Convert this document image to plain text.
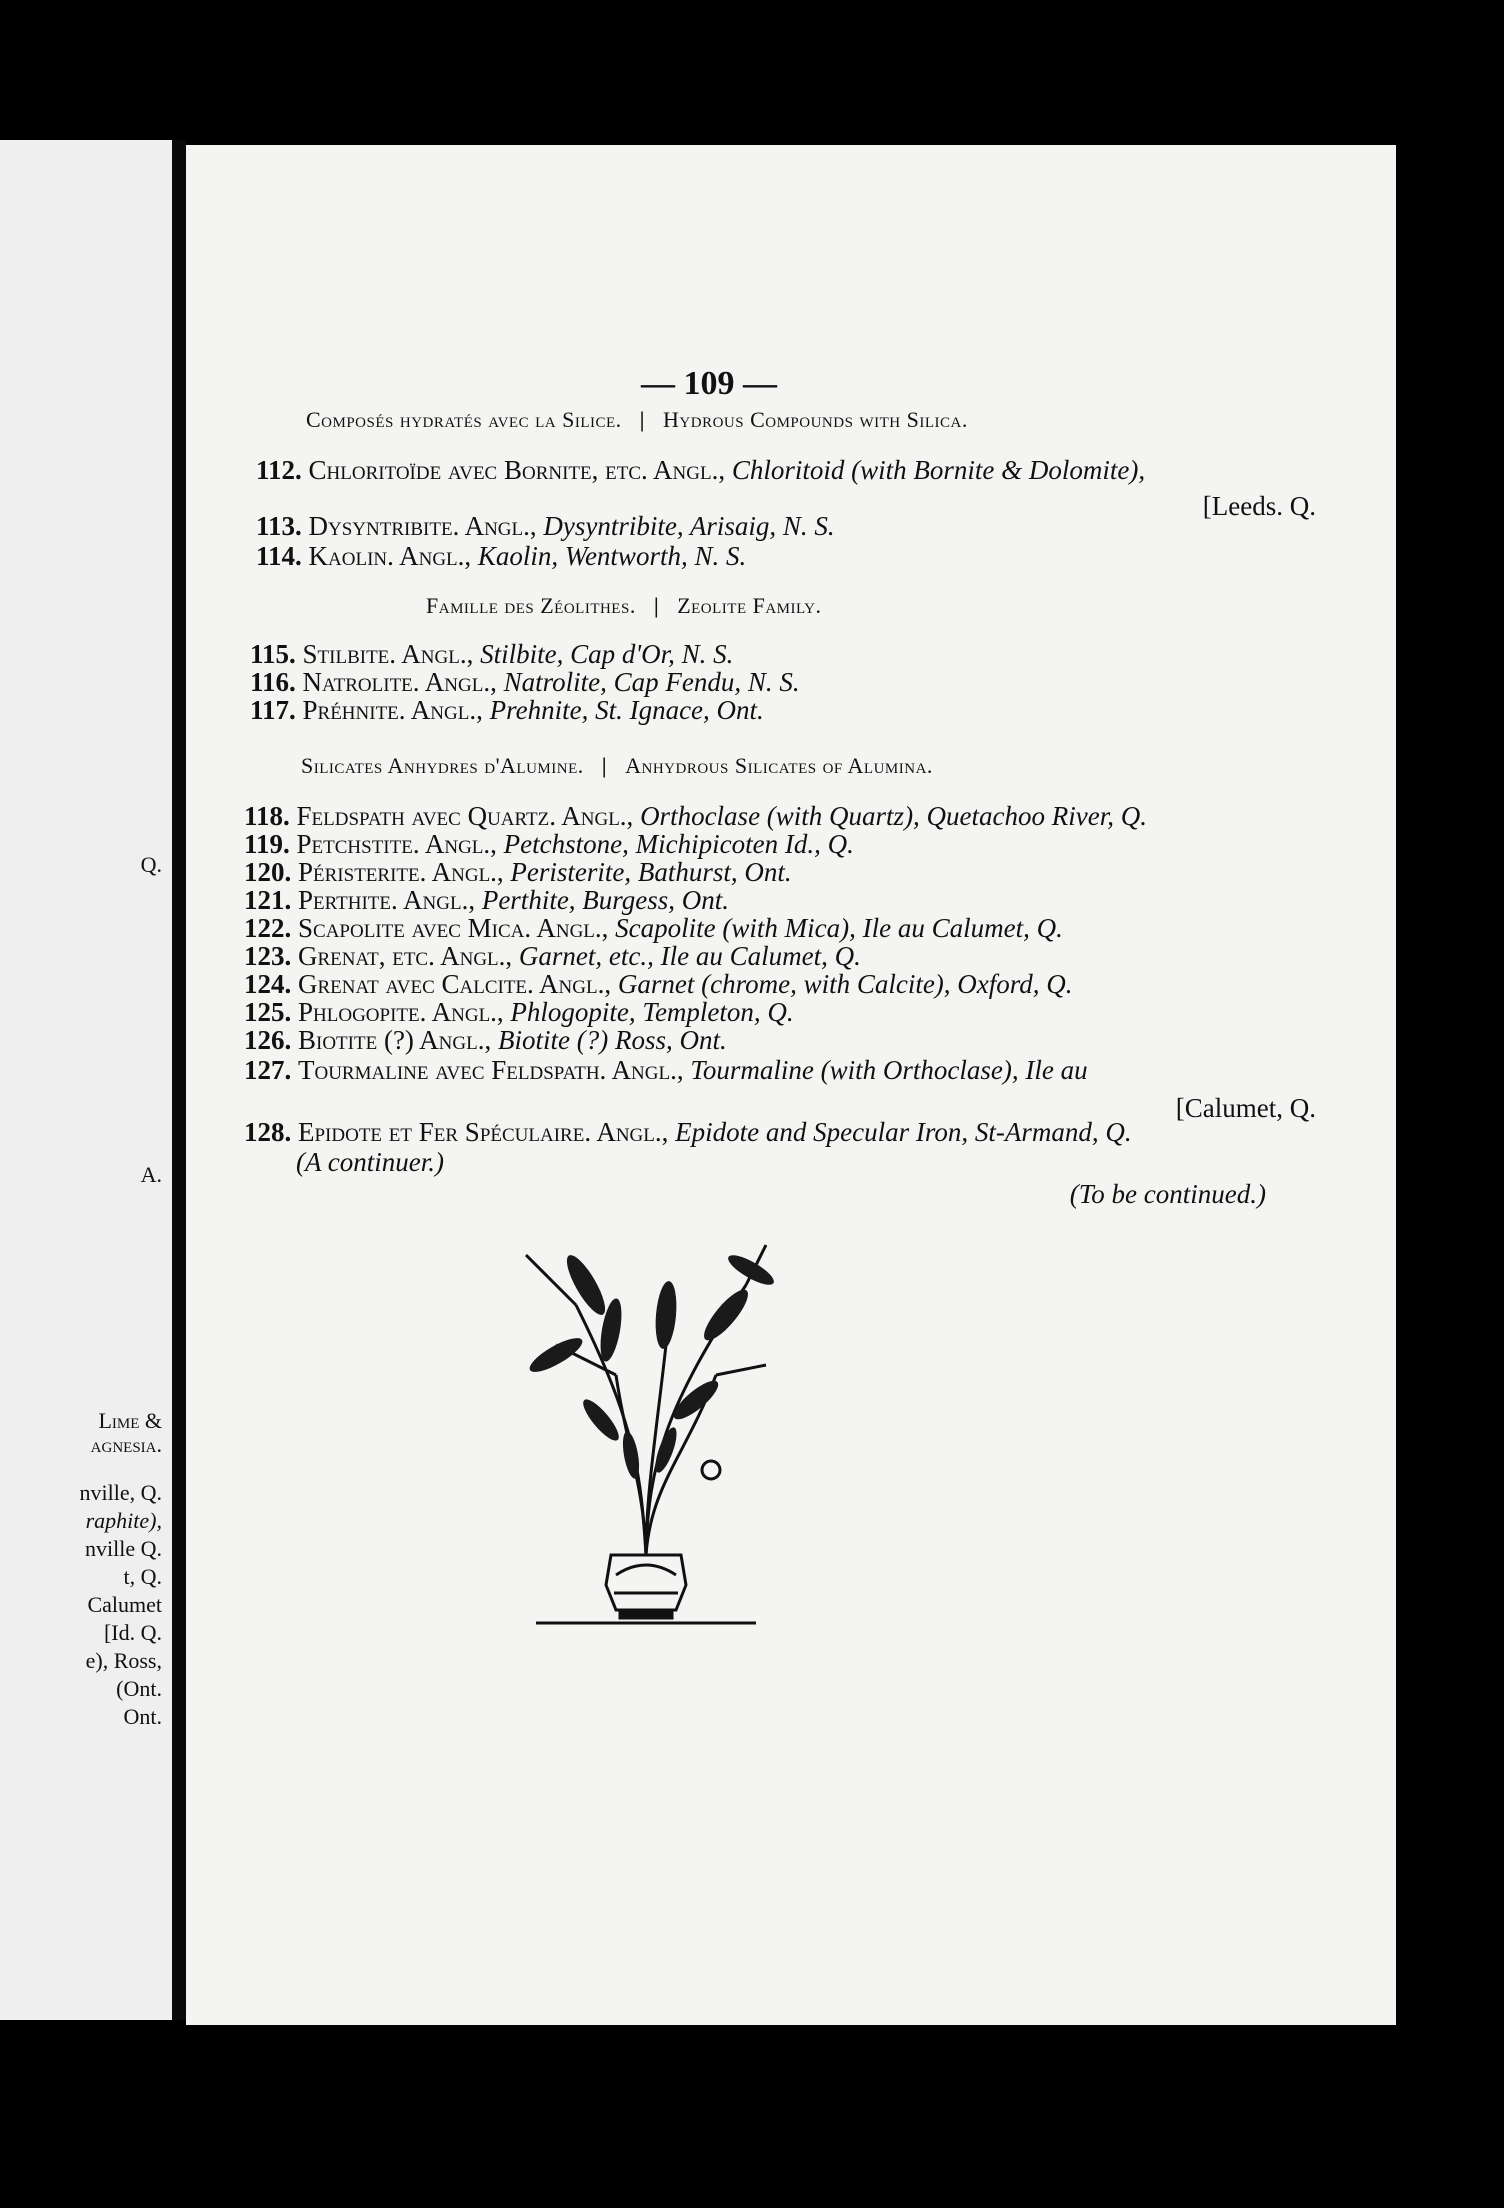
Q.
A.
Lime &
agnesia.
nville, Q.
raphite),
nville Q.
t, Q.
Calumet
[Id. Q.
e), Ross,
(Ont.
Ont.
— 109 —
Composés hydratés avec la Silice. | Hydrous Compounds with Silica.
112. Chloritoïde avec Bornite, etc. Angl., Chloritoid (with Bornite & Dolomite),
[Leeds. Q.
113. Dysyntribite. Angl., Dysyntribite, Arisaig, N. S.
114. Kaolin. Angl., Kaolin, Wentworth, N. S.
Famille des Zéolithes. | Zeolite Family.
115. Stilbite. Angl., Stilbite, Cap d'Or, N. S.
116. Natrolite. Angl., Natrolite, Cap Fendu, N. S.
117. Préhnite. Angl., Prehnite, St. Ignace, Ont.
Silicates Anhydres d'Alumine. | Anhydrous Silicates of Alumina.
118. Feldspath avec Quartz. Angl., Orthoclase (with Quartz), Quetachoo River, Q.
119. Petchstite. Angl., Petchstone, Michipicoten Id., Q.
120. Péristerite. Angl., Peristerite, Bathurst, Ont.
121. Perthite. Angl., Perthite, Burgess, Ont.
122. Scapolite avec Mica. Angl., Scapolite (with Mica), Ile au Calumet, Q.
123. Grenat, etc. Angl., Garnet, etc., Ile au Calumet, Q.
124. Grenat avec Calcite. Angl., Garnet (chrome, with Calcite), Oxford, Q.
125. Phlogopite. Angl., Phlogopite, Templeton, Q.
126. Biotite (?) Angl., Biotite (?) Ross, Ont.
127. Tourmaline avec Feldspath. Angl., Tourmaline (with Orthoclase), Ile au
[Calumet, Q.
128. Epidote et Fer Spéculaire. Angl., Epidote and Specular Iron, St-Armand, Q.
(A continuer.)
(To be continued.)
